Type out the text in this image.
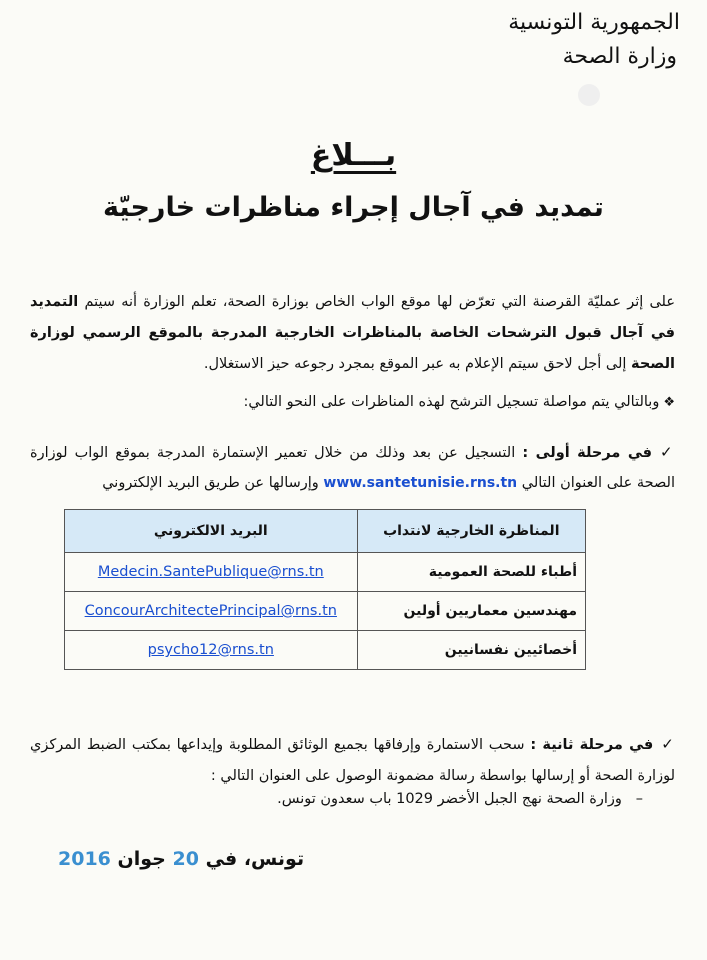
الجمهورية التونسية
وزارة الصحة
بـــلاغ
تمديد في آجال إجراء مناظرات خارجيّة
على إثر عمليّة القرصنة التي تعرّض لها موقع الواب الخاص بوزارة الصحة، تعلم الوزارة أنه سيتم التمديد في آجال قبول الترشحات الخاصة بالمناظرات الخارجية المدرجة بالموقع الرسمي لوزارة الصحة إلى أجل لاحق سيتم الإعلام به عبر الموقع بمجرد رجوعه حيز الاستغلال.
❖وبالتالي يتم مواصلة تسجيل الترشح لهذه المناظرات على النحو التالي:
✓في مرحلة أولى : التسجيل عن بعد وذلك من خلال تعمير الإستمارة المدرجة بموقع الواب لوزارة الصحة على العنوان التالي www.santetunisie.rns.tn وإرسالها عن طريق البريد الإلكتروني
البريد الالكتروني	المناظرة الخارجية لانتداب
Medecin.SantePublique@rns.tn	أطباء للصحة العمومية
ConcourArchitectePrincipal@rns.tn	مهندسين معماريين أولين
psycho12@rns.tn	أخصائيين نفسانيين
✓في مرحلة ثانية : سحب الاستمارة وإرفاقها بجميع الوثائق المطلوبة وإيداعها بمكتب الضبط المركزي لوزارة الصحة أو إرسالها بواسطة رسالة مضمونة الوصول على العنوان التالي :
–   وزارة الصحة نهج الجبل الأخضر 1029 باب سعدون تونس.
تونس، في 20 جوان 2016
